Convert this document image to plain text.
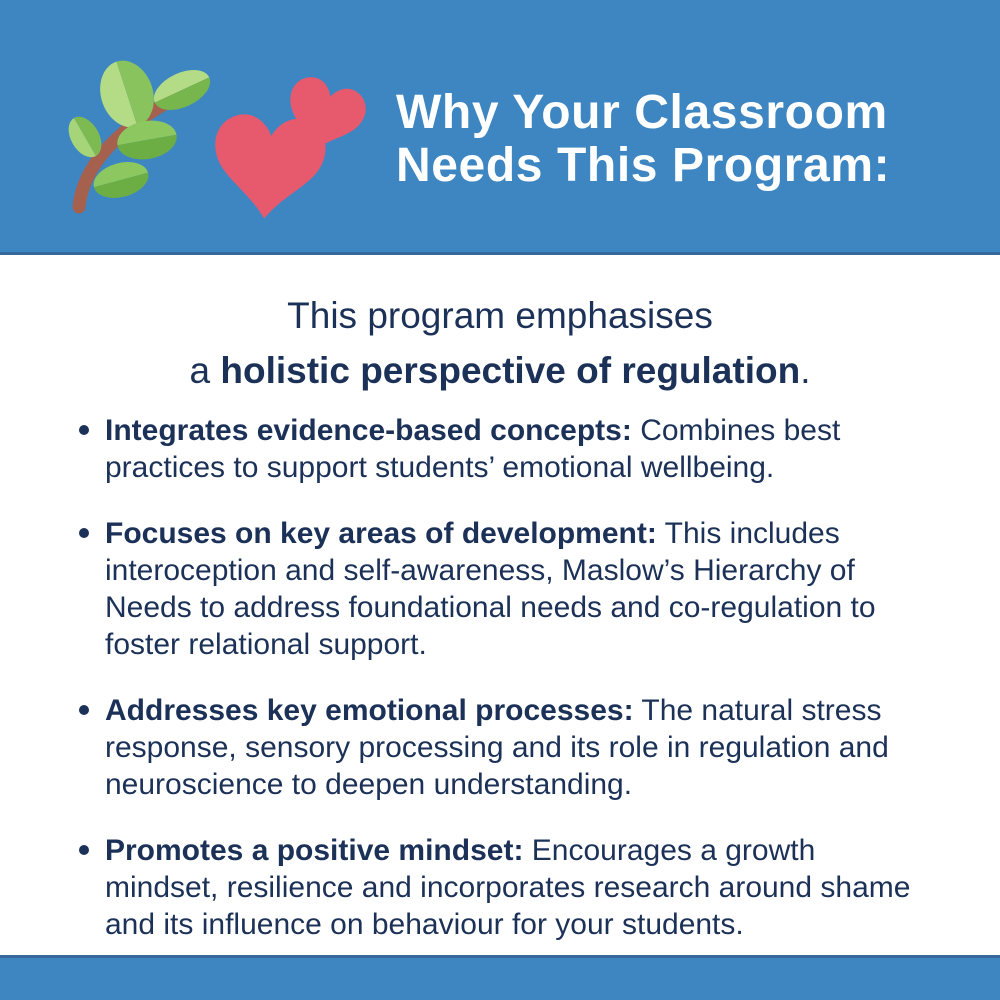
Why Your Classroom
Needs This Program:

This program emphasises
a holistic perspective of regulation.

Integrates evidence-based concepts: Combines best practices to support students’ emotional wellbeing.
Focuses on key areas of development: This includes interoception and self-awareness, Maslow’s Hierarchy of Needs to address foundational needs and co-regulation to foster relational support.
Addresses key emotional processes: The natural stress response, sensory processing and its role in regulation and neuroscience to deepen understanding.
Promotes a positive mindset: Encourages a growth mindset, resilience and incorporates research around shame and its influence on behaviour for your students.
